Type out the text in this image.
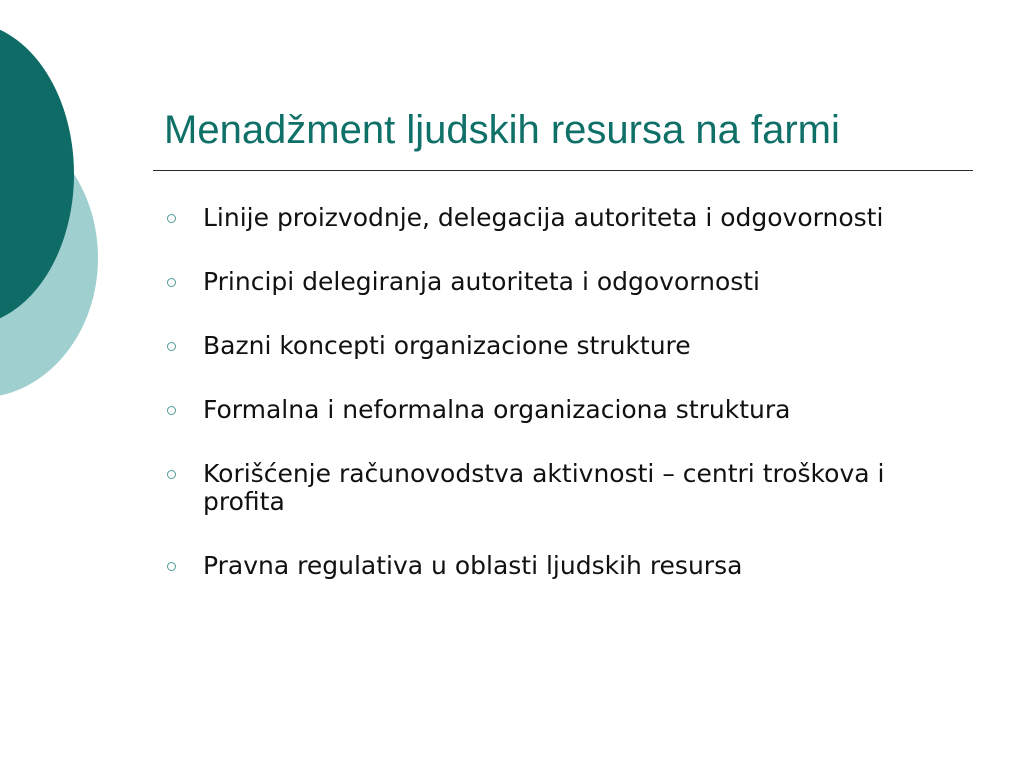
Menadžment ljudskih resursa na farmi
Linije proizvodnje, delegacija autoriteta i odgovornosti
Principi delegiranja autoriteta i odgovornosti
Bazni koncepti organizacione strukture
Formalna i neformalna organizaciona struktura
Korišćenje računovodstva aktivnosti – centri troškova i profita
Pravna regulativa u oblasti ljudskih resursa
